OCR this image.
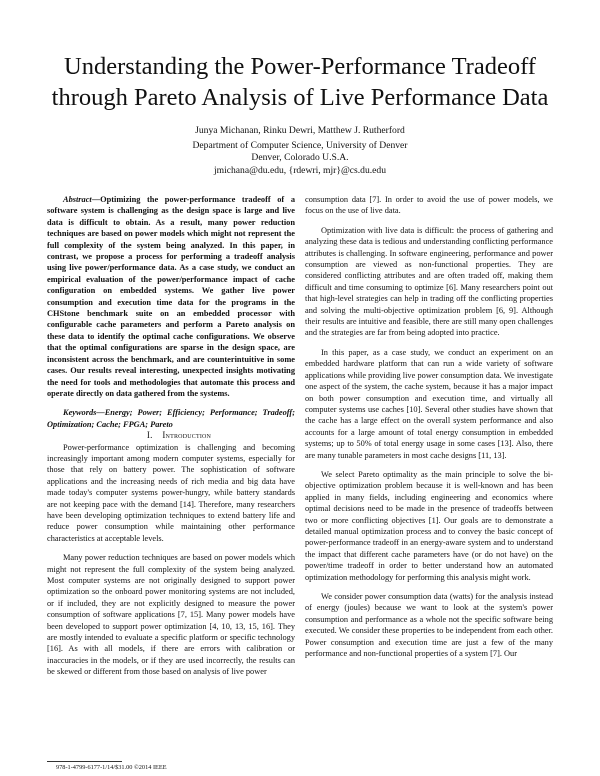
Understanding the Power-Performance Tradeoff
through Pareto Analysis of Live Performance Data
Junya Michanan, Rinku Dewri, Matthew J. Rutherford
Department of Computer Science, University of Denver
Denver, Colorado U.S.A.
jmichana@du.edu, {rdewri, mjr}@cs.du.edu

Abstract—Optimizing the power-performance tradeoff of a software system is challenging as the design space is large and live data is difficult to obtain. As a result, many power reduction techniques are based on power models which might not represent the full complexity of the system being analyzed. In this paper, in contrast, we propose a process for performing a tradeoff analysis using live power/performance data. As a case study, we conduct an empirical evaluation of the power/performance impact of cache configuration on embedded systems. We gather live power consumption and execution time data for the programs in the CHStone benchmark suite on an embedded processor with configurable cache parameters and perform a Pareto analysis on these data to identify the optimal cache configurations. We observe that the optimal configurations are sparse in the design space, are inconsistent across the benchmark, and are counterintuitive in some cases. Our results reveal interesting, unexpected insights motivating the need for tools and methodologies that automate this process and operate directly on data gathered from the systems.

Keywords—Energy; Power; Efficiency; Performance; Tradeoff; Optimization; Cache; FPGA; Pareto

I. Introduction

Power-performance optimization is challenging and becoming increasingly important among modern computer systems, especially for those that rely on battery power. The sophistication of software applications and the increasing needs of rich media and big data have made today's computer systems power-hungry, while battery standards are not keeping pace with the demand [14]. Therefore, many researchers have been developing optimization techniques to extend battery life and reduce power consumption while maintaining other performance characteristics at acceptable levels.

Many power reduction techniques are based on power models which might not represent the full complexity of the system being analyzed. Most computer systems are not originally designed to support power optimization so the onboard power monitoring systems are not included, or if included, they are not explicitly designed to measure the power consumption of software applications [7, 15]. Many power models have been developed to support power optimization [4, 10, 13, 15, 16]. They are mostly intended to evaluate a specific platform or specific technology [16]. As with all models, if there are errors with calibration or inaccuracies in the models, or if they are used incorrectly, the results can be skewed or different from those based on analysis of live power

consumption data [7]. In order to avoid the use of power models, we focus on the use of live data.

Optimization with live data is difficult: the process of gathering and analyzing these data is tedious and understanding conflicting performance attributes is challenging. In software engineering, performance and power consumption are viewed as non-functional properties. They are considered conflicting attributes and are often traded off, making them difficult and time consuming to optimize [6]. Many researchers point out that high-level strategies can help in trading off the conflicting properties and solving the multi-objective optimization problem [6, 9]. Although their results are intuitive and feasible, there are still many open challenges and the strategies are far from being adopted into practice.

In this paper, as a case study, we conduct an experiment on an embedded hardware platform that can run a wide variety of software applications while providing live power consumption data. We investigate one aspect of the system, the cache system, because it has a major impact on both power consumption and execution time, and virtually all computer systems use caches [10]. Several other studies have shown that the cache has a large effect on the overall system performance and also accounts for a large amount of total energy consumption in embedded systems; up to 50% of total energy usage in some cases [13]. Also, there are many tunable parameters in most cache designs [11, 13].

We select Pareto optimality as the main principle to solve the bi-objective optimization problem because it is well-known and has been applied in many fields, including engineering and economics where optimal decisions need to be made in the presence of tradeoffs between two or more conflicting objectives [1]. Our goals are to demonstrate a detailed manual optimization process and to convey the basic concept of power-performance tradeoff in an energy-aware system and to understand the impact that different cache parameters have (or do not have) on the power/time tradeoff in order to better understand how an automated optimization methodology for performing this analysis might work.

We consider power consumption data (watts) for the analysis instead of energy (joules) because we want to look at the system's power consumption and performance as a whole not the specific software being executed. We consider these properties to be independent from each other. Power consumption and execution time are just a few of the many performance and non-functional properties of a system [7]. Our

978-1-4799-6177-1/14/$31.00 ©2014 IEEE
